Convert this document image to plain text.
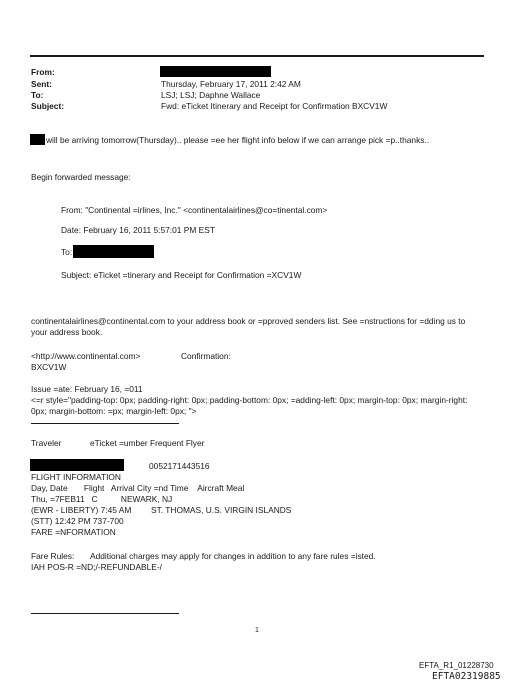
From:
Sent:	Thursday, February 17, 2011 2:42 AM
To:	LSJ; LSJ; Daphne Wallace
Subject:	Fwd: eTicket Itinerary and Receipt for Confirmation BXCV1W
will be arriving tomorrow(Thursday).. please =ee her flight info below if we can arrange pick =p..thanks..
Begin forwarded message:
From: "Continental =irlines, Inc." <continentalairlines@co=tinental.com>
Date: February 16, 2011 5:57:01 PM EST
To:
Subject: eTicket =tinerary and Receipt for Confirmation =XCV1W
continentalairlines@continental.com to your address book or =pproved senders list. See =nstructions for =dding us to
your address book.
<http://www.continental.com>	Confirmation:
BXCV1W
Issue =ate: February 16, =011
<=r style="padding-top: 0px; padding-right: 0px; padding-bottom: 0px; =adding-left: 0px; margin-top: 0px; margin-right:
0px; margin-bottom: =px; margin-left: 0px; ">
Traveler	eTicket =umber Frequent Flyer
0052171443516
FLIGHT INFORMATION
Day, Date       Flight   Arrival City =nd Time    Aircraft Meal
Thu, =7FEB11   C          NEWARK, NJ
(EWR - LIBERTY) 7:45 AM ST. THOMAS, U.S. VIRGIN ISLANDS
(STT) 12:42 PM 737-700
FARE =NFORMATION
Fare Rules: Additional charges may apply for changes in addition to any fare rules =isted.
IAH POS-R =ND;/-REFUNDABLE-/
1
EFTA_R1_01228730
EFTA02319885
